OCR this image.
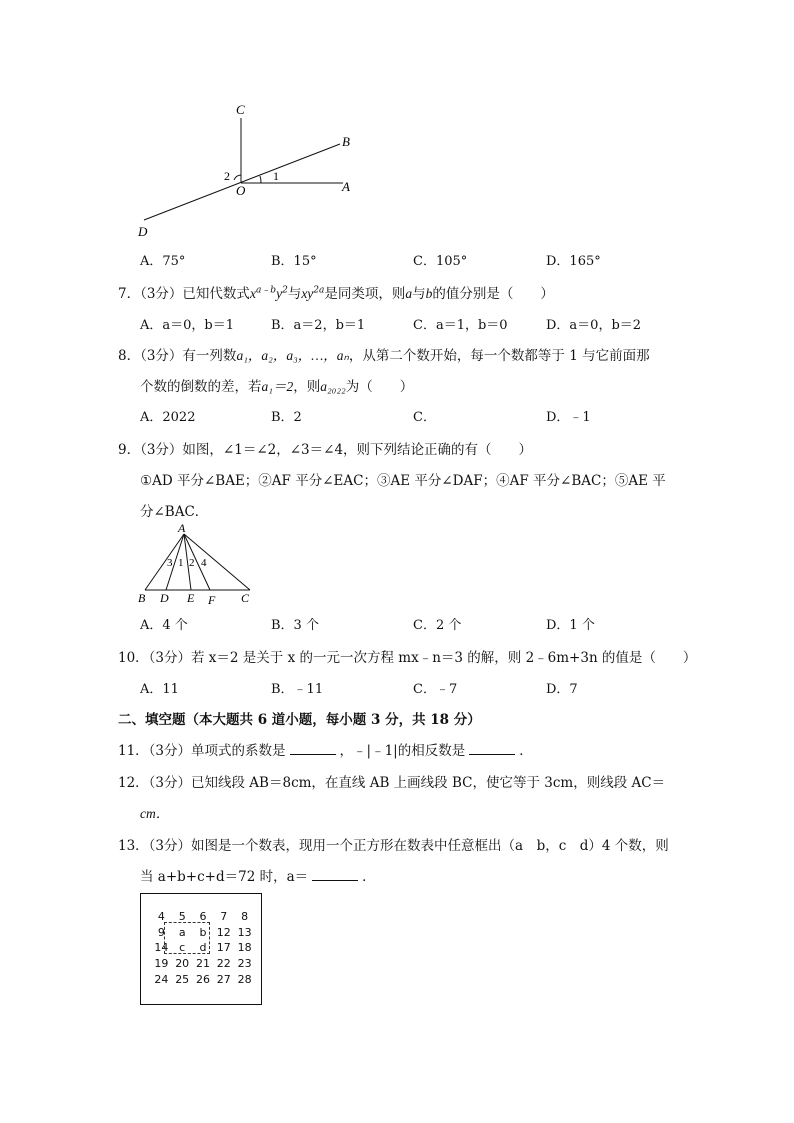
C
B
A
O
D
1
2
A．75°	B．15°	C．105°	D．165°
7．（3分）已知代数式$x^{a﹣b}y^2$与$xy^{2a}$是同类项，则a与b的值分别是（　　）
A．a＝0，b＝1	B．a＝2，b＝1	C．a＝1，b＝0	D．a＝0，b＝2
8．（3分）有一列数a₁，a₂，a₃，…，aₙ，从第二个数开始，每一个数都等于 1 与它前面那
个数的倒数的差，若a₁＝2，则a₂₀₂₂为（　　）
A．2022	B．2	C．	D．﹣1
9．（3分）如图，∠1＝∠2，∠3＝∠4，则下列结论正确的有（　　）
①AD 平分∠BAE；②AF 平分∠EAC；③AE 平分∠DAF；④AF 平分∠BAC；⑤AE 平
分∠BAC．
A
B D E F C
3 1 2 4
A．4 个	B．3 个	C．2 个	D．1 个
10．（3分）若 x＝2 是关于 x 的一元一次方程 mx﹣n＝3 的解，则 2﹣6m+3n 的值是（　　）
A．11	B．﹣11	C．﹣7	D．7
二、填空题（本大题共 6 道小题，每小题 3 分，共 18 分）
11．（3分）单项式的系数是	，﹣|﹣1|的相反数是	．
12．（3分）已知线段 AB＝8cm，在直线 AB 上画线段 BC，使它等于 3cm，则线段 AC＝
cm．
13．（3分）如图是一个数表，现用一个正方形在数表中任意框出（a　b，c　d）4 个数，则
当 a+b+c+d＝72 时，a＝	．
4	5	6	7	8
9	a	b 12 13
14 c	d 17 18
19 20 21 22 23
24 25 26 27 28
